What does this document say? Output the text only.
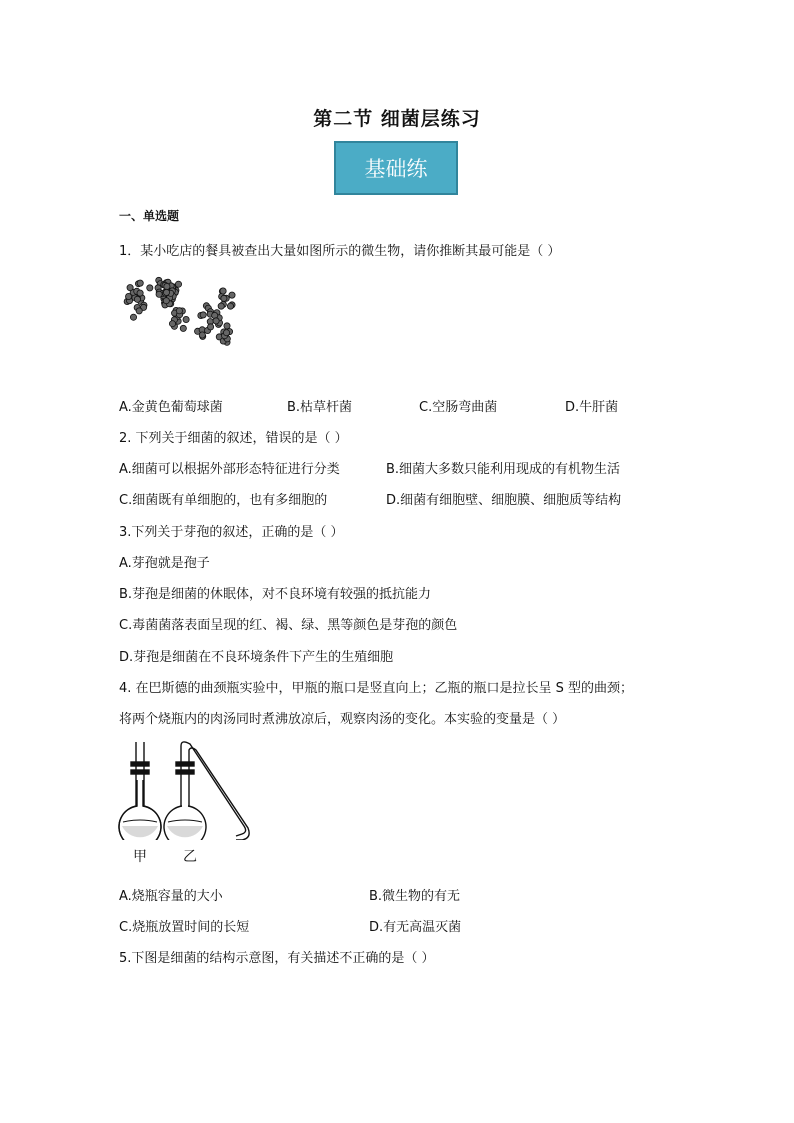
第二节 细菌层练习
基础练
一、单选题
1．某小吃店的餐具被查出大量如图所示的微生物，请你推断其最可能是（ ）
A.金黄色葡萄球菌	B.枯草杆菌	C.空肠弯曲菌	D.牛肝菌
2. 下列关于细菌的叙述，错误的是（ ）
A.细菌可以根据外部形态特征进行分类	B.细菌大多数只能利用现成的有机物生活
C.细菌既有单细胞的，也有多细胞的	D.细菌有细胞壁、细胞膜、细胞质等结构
3.下列关于芽孢的叙述，正确的是（ ）
A.芽孢就是孢子
B.芽孢是细菌的休眠体，对不良环境有较强的抵抗能力
C.毒菌菌落表面呈现的红、褐、绿、黑等颜色是芽孢的颜色
D.芽孢是细菌在不良环境条件下产生的生殖细胞
4. 在巴斯德的曲颈瓶实验中，甲瓶的瓶口是竖直向上；乙瓶的瓶口是拉长呈 S 型的曲颈；
将两个烧瓶内的肉汤同时煮沸放凉后，观察肉汤的变化。本实验的变量是（ ）
甲	乙
A.烧瓶容量的大小	B.微生物的有无
C.烧瓶放置时间的长短	D.有无高温灭菌
5.下图是细菌的结构示意图，有关描述不正确的是（ ）
